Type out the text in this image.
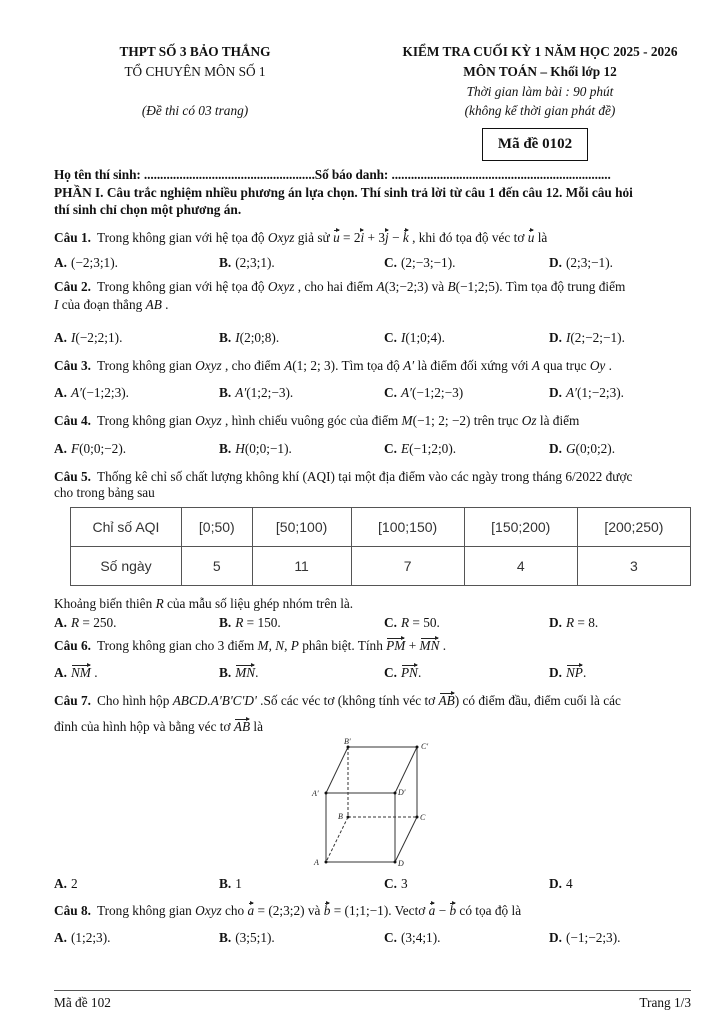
THPT SỐ 3 BẢO THẮNG
TỔ CHUYÊN MÔN SỐ 1
(Đề thi có 03 trang)
KIỂM TRA CUỐI KỲ 1 NĂM HỌC 2025 - 2026
MÔN TOÁN – Khối lớp 12
Thời gian làm bài : 90 phút
(không kể thời gian phát đề)
Mã đề 0102
Họ tên thí sinh: .....................................................Số báo danh: ....................................................................
PHẦN I. Câu trắc nghiệm nhiều phương án lựa chọn. Thí sinh trả lời từ câu 1 đến câu 12. Mỗi câu hỏi
thí sinh chỉ chọn một phương án.
Câu 1. Trong không gian với hệ tọa độ Oxyz giả sử u = 2i + 3j − k , khi đó tọa độ véc tơ u là
A. (−2;3;1).	B. (2;3;1).	C. (2;−3;−1).	D. (2;3;−1).
Câu 2. Trong không gian với hệ tọa độ Oxyz , cho hai điểm A(3;−2;3) và B(−1;2;5). Tìm tọa độ trung điểm
I của đoạn thẳng AB .
A. I(−2;2;1).	B. I(2;0;8).	C. I(1;0;4).	D. I(2;−2;−1).
Câu 3. Trong không gian Oxyz , cho điểm A(1; 2; 3). Tìm tọa độ A′ là điểm đối xứng với A qua trục Oy .
A. A′(−1;2;3).	B. A′(1;2;−3).	C. A′(−1;2;−3)	D. A′(1;−2;3).
Câu 4. Trong không gian Oxyz , hình chiếu vuông góc của điểm M(−1; 2; −2) trên trục Oz là điểm
A. F(0;0;−2).	B. H(0;0;−1).	C. E(−1;2;0).	D. G(0;0;2).
Câu 5. Thống kê chỉ số chất lượng không khí (AQI) tại một địa điểm vào các ngày trong tháng 6/2022 được
cho trong bảng sau
Khoảng biến thiên R của mẫu số liệu ghép nhóm trên là.
A. R = 250.	B. R = 150.	C. R = 50.	D. R = 8.
Câu 6. Trong không gian cho 3 điểm M, N, P phân biệt. Tính PM + MN .
A. NM .	B. MN.	C. PN.	D. NP.
Câu 7. Cho hình hộp ABCD.A'B'C'D' .Số các véc tơ (không tính véc tơ AB) có điểm đầu, điểm cuối là các
đỉnh của hình hộp và bằng véc tơ AB là
A. 2	B. 1	C. 3	D. 4
Câu 8. Trong không gian Oxyz cho a = (2;3;2) và b = (1;1;−1). Vectơ a − b có tọa độ là
A. (1;2;3).	B. (3;5;1).	C. (3;4;1).	D. (−1;−2;3).
Chỉ số AQI	[0;50)	[50;100)	[100;150)	[150;200)	[200;250)
Số ngày	5	11	7	4	3
B′
C′
A′	D′
B	C
A	D
Mã đề 102	Trang 1/3
